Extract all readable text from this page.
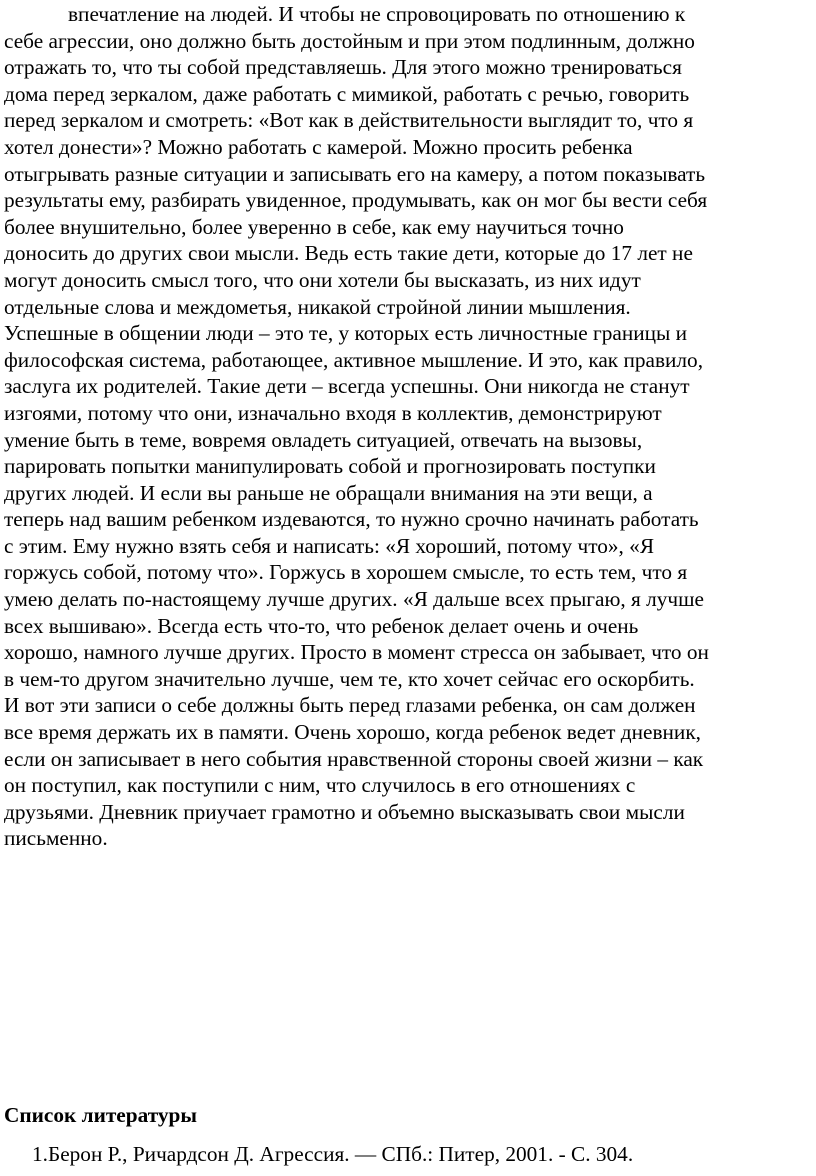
впечатление на людей. И чтобы не спровоцировать по отношению к
себе агрессии, оно должно быть достойным и при этом подлинным, должно
отражать то, что ты собой представляешь. Для этого можно тренироваться
дома перед зеркалом, даже работать с мимикой, работать с речью, говорить
перед зеркалом и смотреть: «Вот как в действительности выглядит то, что я
хотел донести»? Можно работать с камерой. Можно просить ребенка
отыгрывать разные ситуации и записывать его на камеру, а потом показывать
результаты ему, разбирать увиденное, продумывать, как он мог бы вести себя
более внушительно, более уверенно в себе, как ему научиться точно
доносить до других свои мысли. Ведь есть такие дети, которые до 17 лет не
могут доносить смысл того, что они хотели бы высказать, из них идут
отдельные слова и междометья, никакой стройной линии мышления.
Успешные в общении люди – это те, у которых есть личностные границы и
философская система, работающее, активное мышление. И это, как правило,
заслуга их родителей. Такие дети – всегда успешны. Они никогда не станут
изгоями, потому что они, изначально входя в коллектив, демонстрируют
умение быть в теме, вовремя овладеть ситуацией, отвечать на вызовы,
парировать попытки манипулировать собой и прогнозировать поступки
других людей. И если вы раньше не обращали внимания на эти вещи, а
теперь над вашим ребенком издеваются, то нужно срочно начинать работать
с этим. Ему нужно взять себя и написать: «Я хороший, потому что», «Я
горжусь собой, потому что». Горжусь в хорошем смысле, то есть тем, что я
умею делать по-настоящему лучше других. «Я дальше всех прыгаю, я лучше
всех вышиваю». Всегда есть что-то, что ребенок делает очень и очень
хорошо, намного лучше других. Просто в момент стресса он забывает, что он
в чем-то другом значительно лучше, чем те, кто хочет сейчас его оскорбить.
И вот эти записи о себе должны быть перед глазами ребенка, он сам должен
все время держать их в памяти. Очень хорошо, когда ребенок ведет дневник,
если он записывает в него события нравственной стороны своей жизни – как
он поступил, как поступили с ним, что случилось в его отношениях с
друзьями. Дневник приучает грамотно и объемно высказывать свои мысли
письменно.
Список литературы

1.Берон Р., Ричардсон Д. Агрессия. — СПб.: Питер, 2001. - С. 304.
